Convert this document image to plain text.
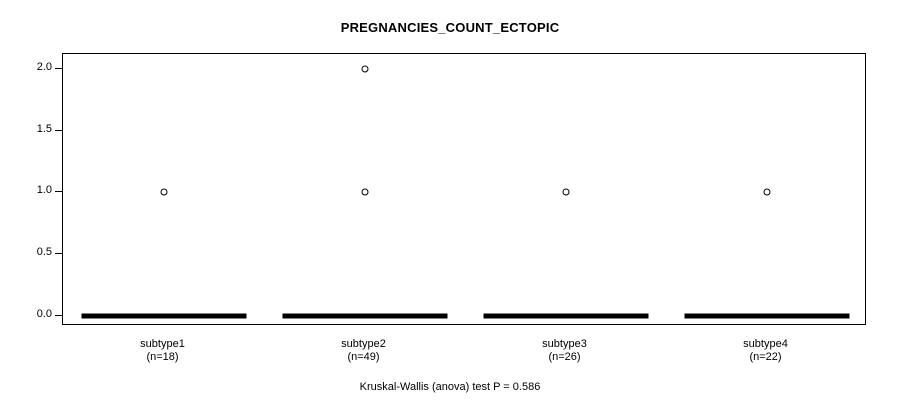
PREGNANCIES_COUNT_ECTOPIC
Kruskal-Wallis (anova) test P = 0.586
0.0
0.5
1.0
1.5
2.0
subtype1
(n=18)
subtype2
(n=49)
subtype3
(n=26)
subtype4
(n=22)
